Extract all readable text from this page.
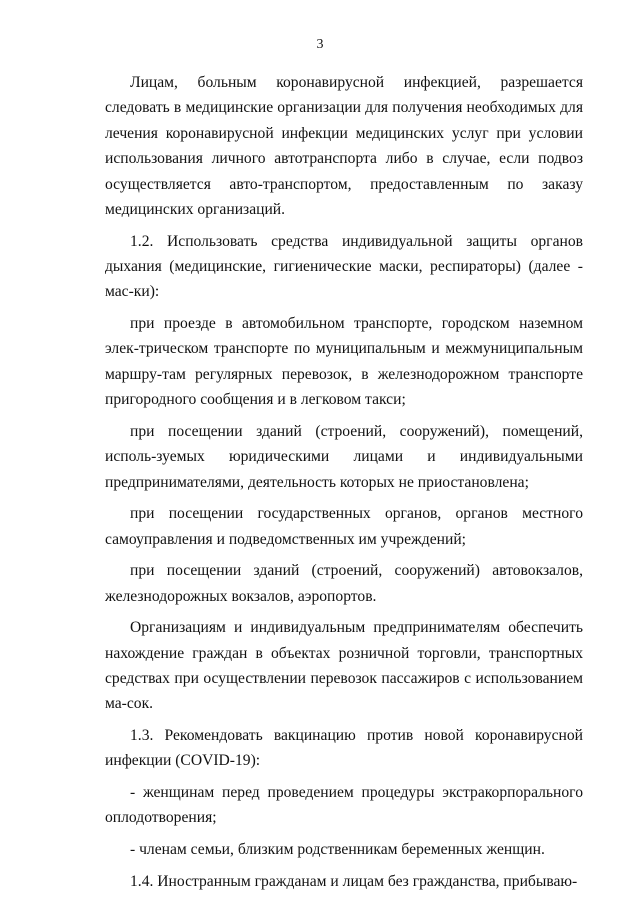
3

Лицам, больным коронавирусной инфекцией, разрешается следовать в медицинские организации для получения необходимых для лечения коронавирусной инфекции медицинских услуг при условии использования личного автотранспорта либо в случае, если подвоз осуществляется авто-транспортом, предоставленным по заказу медицинских организаций.

1.2. Использовать средства индивидуальной защиты органов дыхания (медицинские, гигиенические маски, респираторы) (далее - мас-ки):

при проезде в автомобильном транспорте, городском наземном элек-трическом транспорте по муниципальным и межмуниципальным маршру-там регулярных перевозок, в железнодорожном транспорте пригородного сообщения и в легковом такси;

при посещении зданий (строений, сооружений), помещений, исполь-зуемых юридическими лицами и индивидуальными предпринимателями, деятельность которых не приостановлена;

при посещении государственных органов, органов местного самоуправления и подведомственных им учреждений;

при посещении зданий (строений, сооружений) автовокзалов, железнодорожных вокзалов, аэропортов.

Организациям и индивидуальным предпринимателям обеспечить нахождение граждан в объектах розничной торговли, транспортных средствах при осуществлении перевозок пассажиров с использованием ма-сок.

1.3. Рекомендовать вакцинацию против новой коронавирусной инфекции (COVID-19):

- женщинам перед проведением процедуры экстракорпорального оплодотворения;

- членам семьи, близким родственникам беременных женщин.

1.4. Иностранным гражданам и лицам без гражданства, прибываю-
